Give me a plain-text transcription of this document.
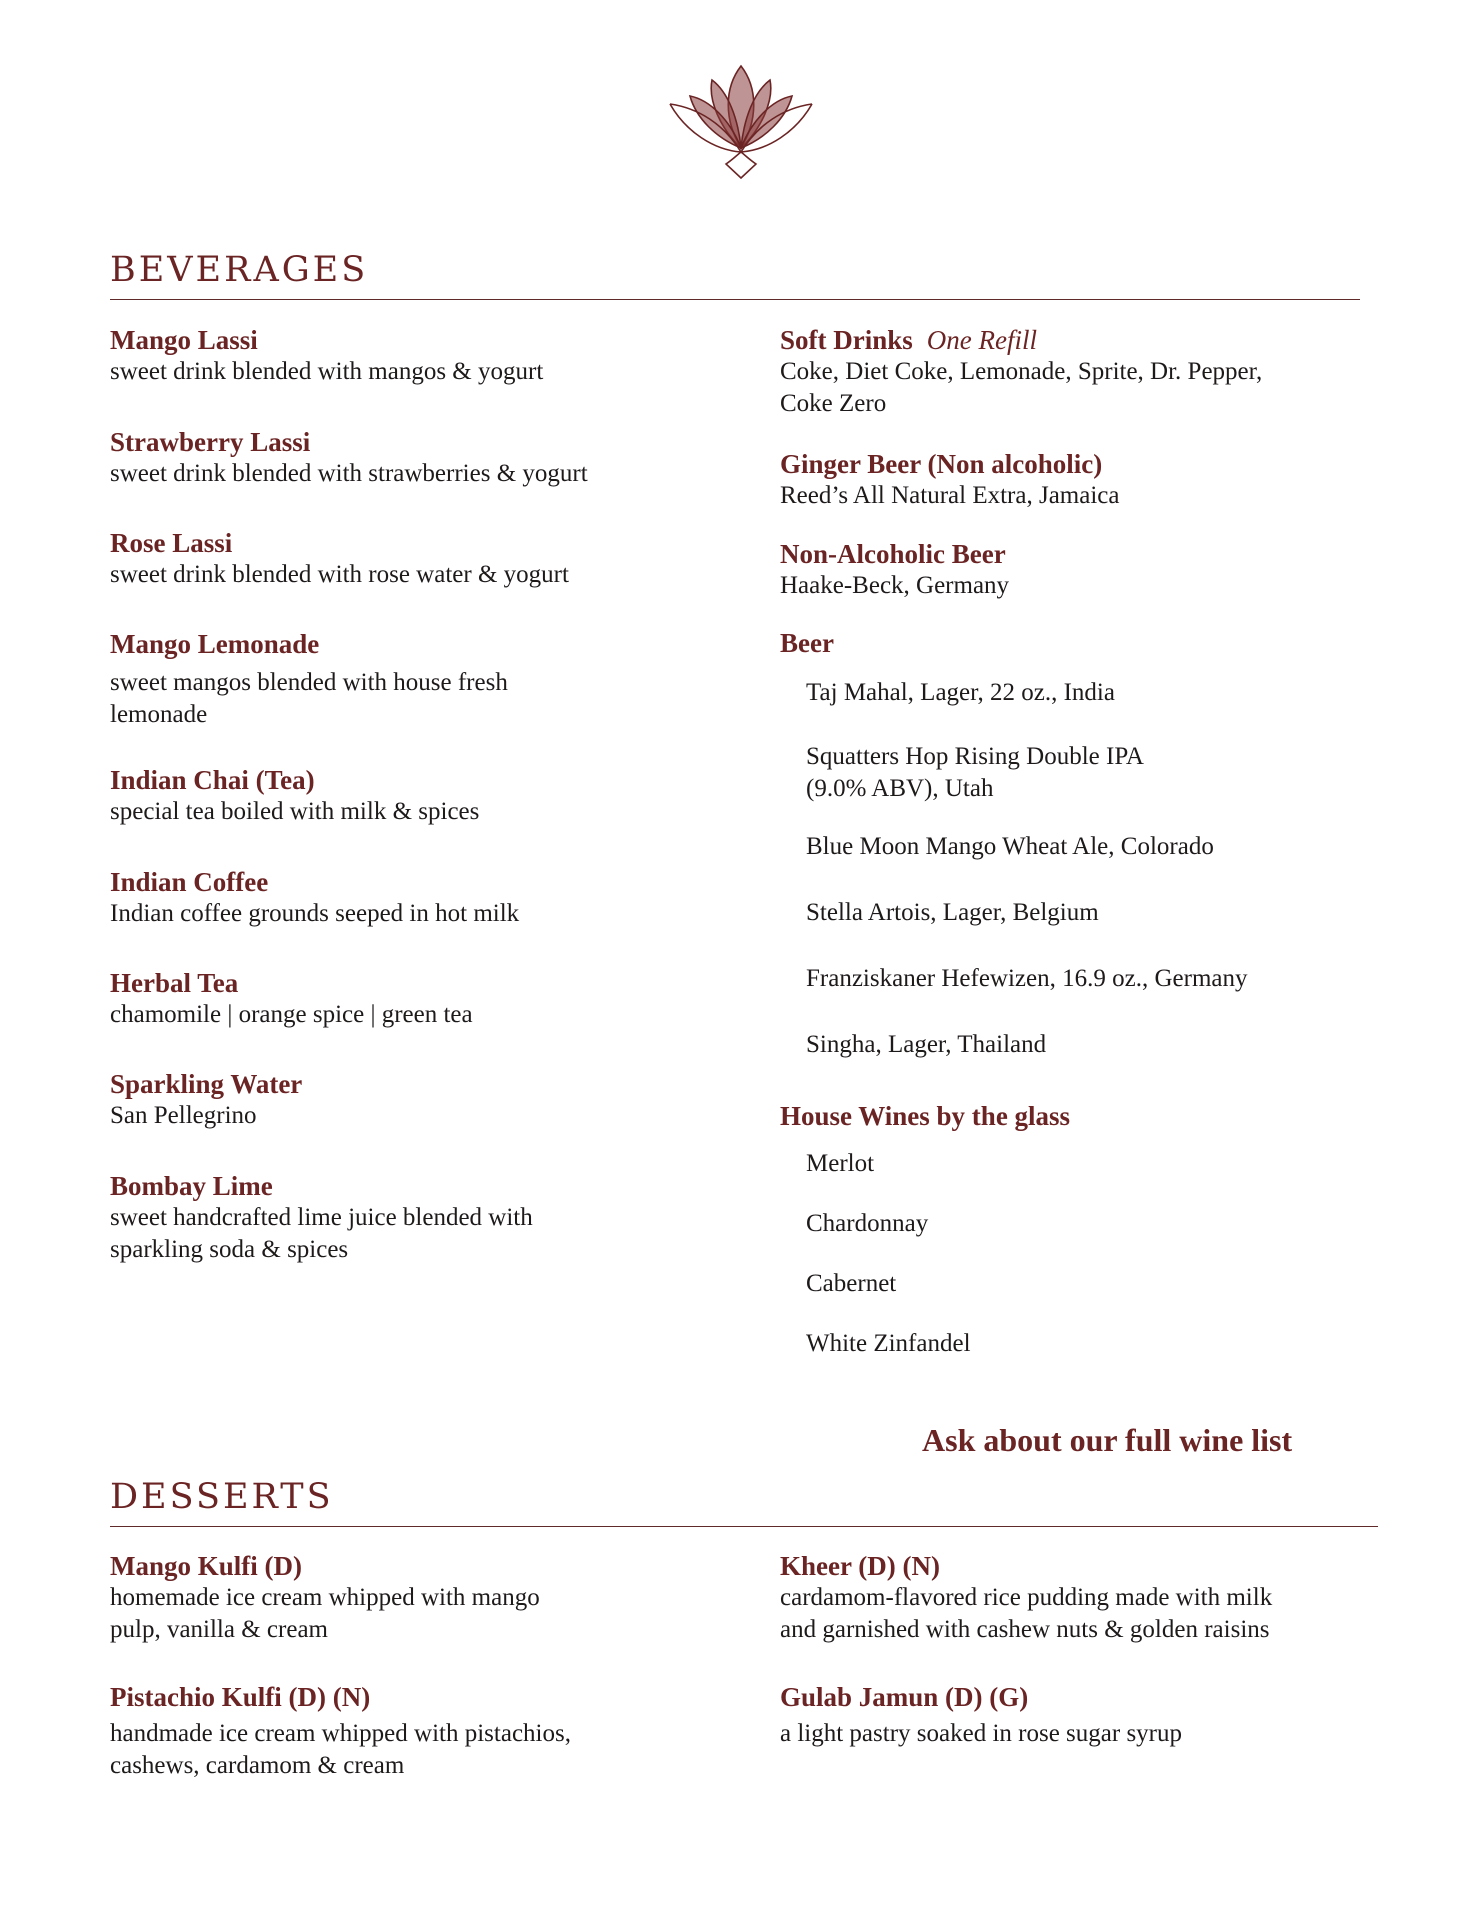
BEVERAGES
Mango Lassi
sweet drink blended with mangos & yogurt
Strawberry Lassi
sweet drink blended with strawberries & yogurt
Rose Lassi
sweet drink blended with rose water & yogurt
Mango Lemonade
sweet mangos blended with house fresh
lemonade
Indian Chai (Tea)
special tea boiled with milk & spices
Indian Coffee
Indian coffee grounds seeped in hot milk
Herbal Tea
chamomile | orange spice | green tea
Sparkling Water
San Pellegrino
Bombay Lime
sweet handcrafted lime juice blended with
sparkling soda & spices
Soft Drinks One Refill
Coke, Diet Coke, Lemonade, Sprite, Dr. Pepper,
Coke Zero
Ginger Beer (Non alcoholic)
Reed’s All Natural Extra, Jamaica
Non-Alcoholic Beer
Haake-Beck, Germany
Beer
Taj Mahal, Lager, 22 oz., India
Squatters Hop Rising Double IPA
(9.0% ABV), Utah
Blue Moon Mango Wheat Ale, Colorado
Stella Artois, Lager, Belgium
Franziskaner Hefewizen, 16.9 oz., Germany
Singha, Lager, Thailand
House Wines by the glass
Merlot
Chardonnay
Cabernet
White Zinfandel
Ask about our full wine list
DESSERTS
Mango Kulfi (D)
homemade ice cream whipped with mango
pulp, vanilla & cream
Pistachio Kulfi (D) (N)
handmade ice cream whipped with pistachios,
cashews, cardamom & cream
Kheer (D) (N)
cardamom-flavored rice pudding made with milk
and garnished with cashew nuts & golden raisins
Gulab Jamun (D) (G)
a light pastry soaked in rose sugar syrup
